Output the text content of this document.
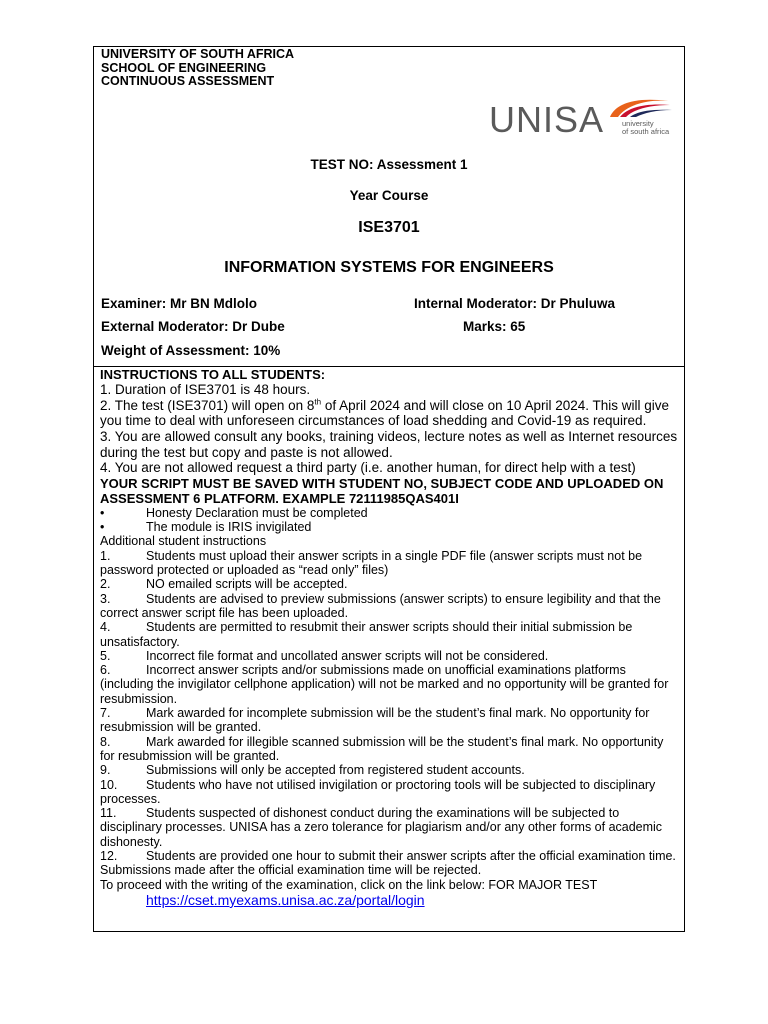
UNIVERSITY OF SOUTH AFRICA
SCHOOL OF ENGINEERING
CONTINUOUS ASSESSMENT
UNISA university
of south africa
TEST NO: Assessment 1
Year Course
ISE3701
INFORMATION SYSTEMS FOR ENGINEERS
Examiner: Mr BN Mdlolo	Internal Moderator: Dr Phuluwa
External Moderator: Dr Dube	Marks: 65
Weight of Assessment: 10%

INSTRUCTIONS TO ALL STUDENTS:

1. Duration of ISE3701 is 48 hours.

2. The test (ISE3701) will open on 8th of April 2024 and will close on 10 April 2024. This will give you time to deal with unforeseen circumstances of load shedding and Covid-19 as required.

3. You are allowed consult any books, training videos, lecture notes as well as Internet resources during the test but copy and paste is not allowed.

4. You are not allowed request a third party (i.e. another human, for direct help with a test)

YOUR SCRIPT MUST BE SAVED WITH STUDENT NO, SUBJECT CODE AND UPLOADED ON ASSESSMENT 6 PLATFORM. EXAMPLE 72111985QAS401I

•	Honesty Declaration must be completed

•	The module is IRIS invigilated

Additional student instructions

1.	Students must upload their answer scripts in a single PDF file (answer scripts must not be password protected or uploaded as “read only” files)

2.	NO emailed scripts will be accepted.

3.	Students are advised to preview submissions (answer scripts) to ensure legibility and that the correct answer script file has been uploaded.

4.	Students are permitted to resubmit their answer scripts should their initial submission be unsatisfactory.

5.	Incorrect file format and uncollated answer scripts will not be considered.

6.	Incorrect answer scripts and/or submissions made on unofficial examinations platforms (including the invigilator cellphone application) will not be marked and no opportunity will be granted for resubmission.

7.	Mark awarded for incomplete submission will be the student’s final mark. No opportunity for resubmission will be granted.

8.	Mark awarded for illegible scanned submission will be the student’s final mark. No opportunity for resubmission will be granted.

9.	Submissions will only be accepted from registered student accounts.

10. Students who have not utilised invigilation or proctoring tools will be subjected to disciplinary processes.

11. Students suspected of dishonest conduct during the examinations will be subjected to disciplinary processes. UNISA has a zero tolerance for plagiarism and/or any other forms of academic dishonesty.

12. Students are provided one hour to submit their answer scripts after the official examination time. Submissions made after the official examination time will be rejected.

To proceed with the writing of the examination, click on the link below: FOR MAJOR TEST

https://cset.myexams.unisa.ac.za/portal/login
